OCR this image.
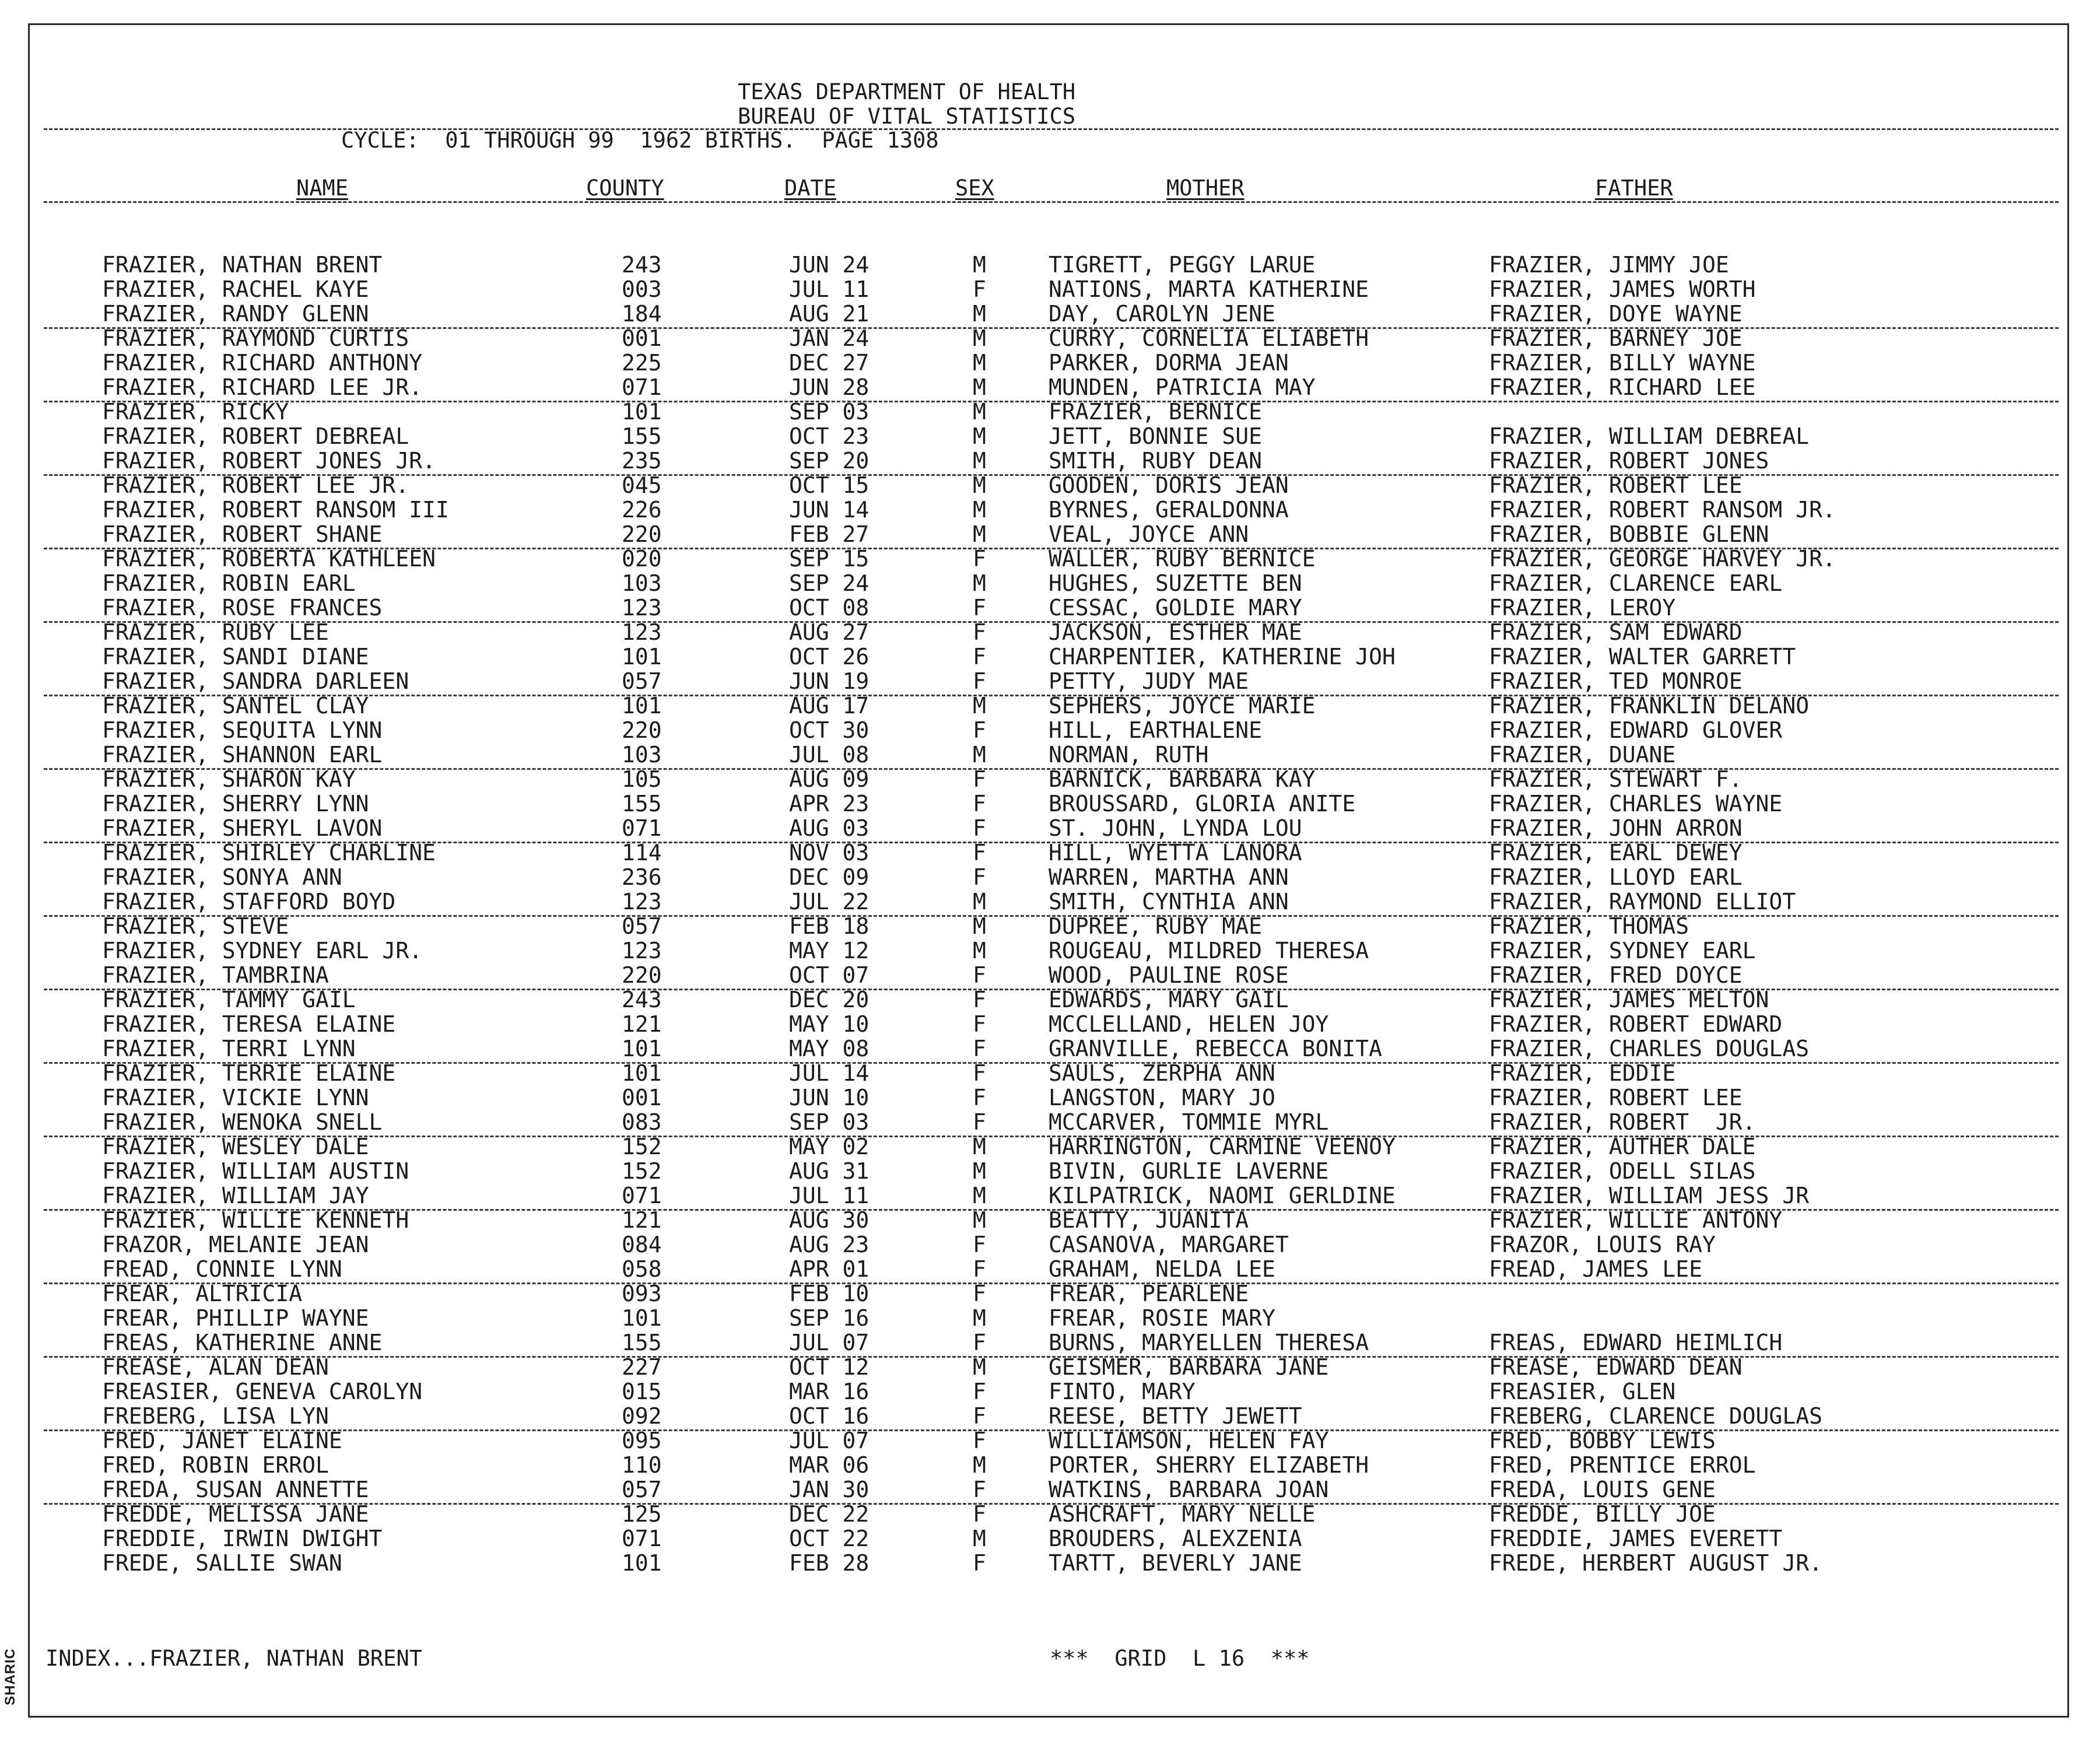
SHARIC
TEXAS DEPARTMENT OF HEALTH
BUREAU OF VITAL STATISTICS
CYCLE:  01 THROUGH 99  1962 BIRTHS.  PAGE 1308
NAME	COUNTY	DATE	SEX	MOTHER	FATHER
FRAZIER, NATHAN BRENT	243	JUN 24	M	TIGRETT, PEGGY LARUE	FRAZIER, JIMMY JOE
FRAZIER, RACHEL KAYE	003	JUL 11	F	NATIONS, MARTA KATHERINE	FRAZIER, JAMES WORTH
FRAZIER, RANDY GLENN	184	AUG 21	M	DAY, CAROLYN JENE	FRAZIER, DOYE WAYNE
FRAZIER, RAYMOND CURTIS	001	JAN 24	M	CURRY, CORNELIA ELIABETH	FRAZIER, BARNEY JOE
FRAZIER, RICHARD ANTHONY	225	DEC 27	M	PARKER, DORMA JEAN	FRAZIER, BILLY WAYNE
FRAZIER, RICHARD LEE JR.	071	JUN 28	M	MUNDEN, PATRICIA MAY	FRAZIER, RICHARD LEE
FRAZIER, RICKY	101	SEP 03	M	FRAZIER, BERNICE
FRAZIER, ROBERT DEBREAL	155	OCT 23	M	JETT, BONNIE SUE	FRAZIER, WILLIAM DEBREAL
FRAZIER, ROBERT JONES JR.	235	SEP 20	M	SMITH, RUBY DEAN	FRAZIER, ROBERT JONES
FRAZIER, ROBERT LEE JR.	045	OCT 15	M	GOODEN, DORIS JEAN	FRAZIER, ROBERT LEE
FRAZIER, ROBERT RANSOM III	226	JUN 14	M	BYRNES, GERALDONNA	FRAZIER, ROBERT RANSOM JR.
FRAZIER, ROBERT SHANE	220	FEB 27	M	VEAL, JOYCE ANN	FRAZIER, BOBBIE GLENN
FRAZIER, ROBERTA KATHLEEN	020	SEP 15	F	WALLER, RUBY BERNICE	FRAZIER, GEORGE HARVEY JR.
FRAZIER, ROBIN EARL	103	SEP 24	M	HUGHES, SUZETTE BEN	FRAZIER, CLARENCE EARL
FRAZIER, ROSE FRANCES	123	OCT 08	F	CESSAC, GOLDIE MARY	FRAZIER, LEROY
FRAZIER, RUBY LEE	123	AUG 27	F	JACKSON, ESTHER MAE	FRAZIER, SAM EDWARD
FRAZIER, SANDI DIANE	101	OCT 26	F	CHARPENTIER, KATHERINE JOH	FRAZIER, WALTER GARRETT
FRAZIER, SANDRA DARLEEN	057	JUN 19	F	PETTY, JUDY MAE	FRAZIER, TED MONROE
FRAZIER, SANTEL CLAY	101	AUG 17	M	SEPHERS, JOYCE MARIE	FRAZIER, FRANKLIN DELANO
FRAZIER, SEQUITA LYNN	220	OCT 30	F	HILL, EARTHALENE	FRAZIER, EDWARD GLOVER
FRAZIER, SHANNON EARL	103	JUL 08	M	NORMAN, RUTH	FRAZIER, DUANE
FRAZIER, SHARON KAY	105	AUG 09	F	BARNICK, BARBARA KAY	FRAZIER, STEWART F.
FRAZIER, SHERRY LYNN	155	APR 23	F	BROUSSARD, GLORIA ANITE	FRAZIER, CHARLES WAYNE
FRAZIER, SHERYL LAVON	071	AUG 03	F	ST. JOHN, LYNDA LOU	FRAZIER, JOHN ARRON
FRAZIER, SHIRLEY CHARLINE	114	NOV 03	F	HILL, WYETTA LANORA	FRAZIER, EARL DEWEY
FRAZIER, SONYA ANN	236	DEC 09	F	WARREN, MARTHA ANN	FRAZIER, LLOYD EARL
FRAZIER, STAFFORD BOYD	123	JUL 22	M	SMITH, CYNTHIA ANN	FRAZIER, RAYMOND ELLIOT
FRAZIER, STEVE	057	FEB 18	M	DUPREE, RUBY MAE	FRAZIER, THOMAS
FRAZIER, SYDNEY EARL JR.	123	MAY 12	M	ROUGEAU, MILDRED THERESA	FRAZIER, SYDNEY EARL
FRAZIER, TAMBRINA	220	OCT 07	F	WOOD, PAULINE ROSE	FRAZIER, FRED DOYCE
FRAZIER, TAMMY GAIL	243	DEC 20	F	EDWARDS, MARY GAIL	FRAZIER, JAMES MELTON
FRAZIER, TERESA ELAINE	121	MAY 10	F	MCCLELLAND, HELEN JOY	FRAZIER, ROBERT EDWARD
FRAZIER, TERRI LYNN	101	MAY 08	F	GRANVILLE, REBECCA BONITA	FRAZIER, CHARLES DOUGLAS
FRAZIER, TERRIE ELAINE	101	JUL 14	F	SAULS, ZERPHA ANN	FRAZIER, EDDIE
FRAZIER, VICKIE LYNN	001	JUN 10	F	LANGSTON, MARY JO	FRAZIER, ROBERT LEE
FRAZIER, WENOKA SNELL	083	SEP 03	F	MCCARVER, TOMMIE MYRL	FRAZIER, ROBERT  JR.
FRAZIER, WESLEY DALE	152	MAY 02	M	HARRINGTON, CARMINE VEENOY	FRAZIER, AUTHER DALE
FRAZIER, WILLIAM AUSTIN	152	AUG 31	M	BIVIN, GURLIE LAVERNE	FRAZIER, ODELL SILAS
FRAZIER, WILLIAM JAY	071	JUL 11	M	KILPATRICK, NAOMI GERLDINE	FRAZIER, WILLIAM JESS JR
FRAZIER, WILLIE KENNETH	121	AUG 30	M	BEATTY, JUANITA	FRAZIER, WILLIE ANTONY
FRAZOR, MELANIE JEAN	084	AUG 23	F	CASANOVA, MARGARET	FRAZOR, LOUIS RAY
FREAD, CONNIE LYNN	058	APR 01	F	GRAHAM, NELDA LEE	FREAD, JAMES LEE
FREAR, ALTRICIA	093	FEB 10	F	FREAR, PEARLENE
FREAR, PHILLIP WAYNE	101	SEP 16	M	FREAR, ROSIE MARY
FREAS, KATHERINE ANNE	155	JUL 07	F	BURNS, MARYELLEN THERESA	FREAS, EDWARD HEIMLICH
FREASE, ALAN DEAN	227	OCT 12	M	GEISMER, BARBARA JANE	FREASE, EDWARD DEAN
FREASIER, GENEVA CAROLYN	015	MAR 16	F	FINTO, MARY	FREASIER, GLEN
FREBERG, LISA LYN	092	OCT 16	F	REESE, BETTY JEWETT	FREBERG, CLARENCE DOUGLAS
FRED, JANET ELAINE	095	JUL 07	F	WILLIAMSON, HELEN FAY	FRED, BOBBY LEWIS
FRED, ROBIN ERROL	110	MAR 06	M	PORTER, SHERRY ELIZABETH	FRED, PRENTICE ERROL
FREDA, SUSAN ANNETTE	057	JAN 30	F	WATKINS, BARBARA JOAN	FREDA, LOUIS GENE
FREDDE, MELISSA JANE	125	DEC 22	F	ASHCRAFT, MARY NELLE	FREDDE, BILLY JOE
FREDDIE, IRWIN DWIGHT	071	OCT 22	M	BROUDERS, ALEXZENIA	FREDDIE, JAMES EVERETT
FREDE, SALLIE SWAN	101	FEB 28	F	TARTT, BEVERLY JANE	FREDE, HERBERT AUGUST JR.
INDEX...FRAZIER, NATHAN BRENT	***  GRID  L 16  ***
